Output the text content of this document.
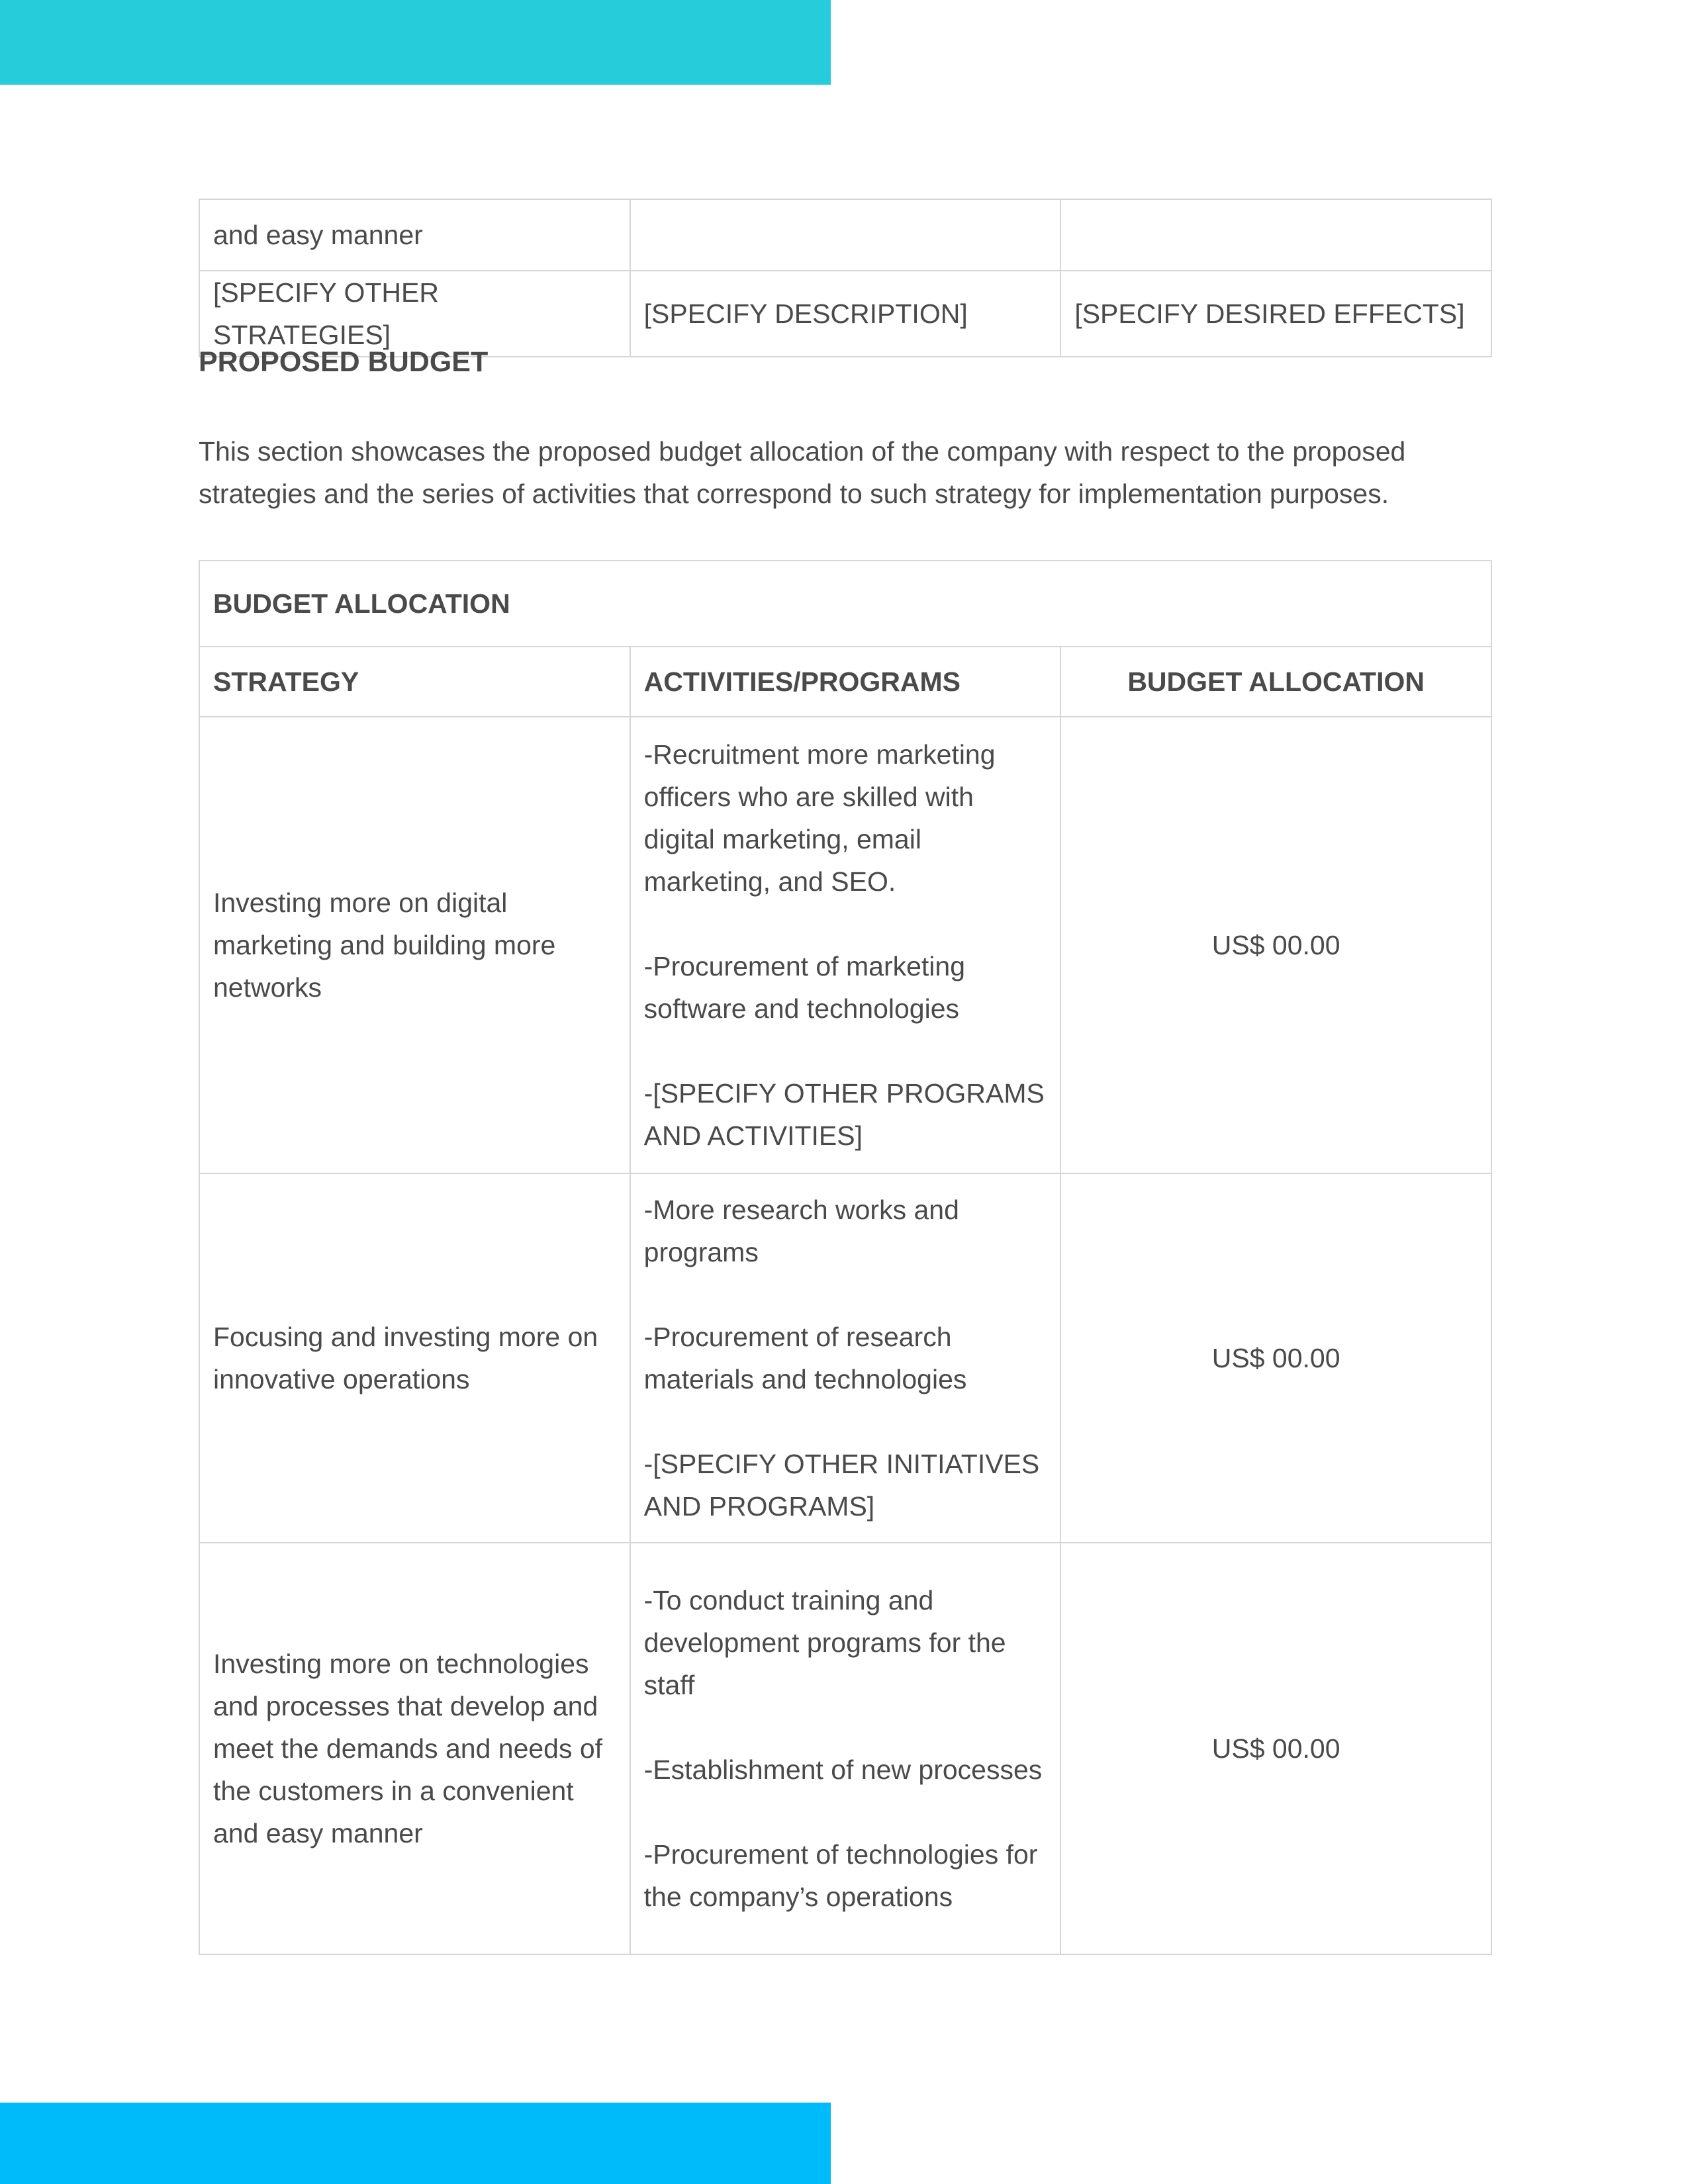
and easy manner		
[SPECIFY OTHER STRATEGIES]	[SPECIFY DESCRIPTION]	[SPECIFY DESIRED EFFECTS]
PROPOSED BUDGET

This section showcases the proposed budget allocation of the company with respect to the proposed strategies and the series of activities that correspond to such strategy for implementation purposes.

BUDGET ALLOCATION		
STRATEGY	ACTIVITIES/PROGRAMS	BUDGET ALLOCATION
Investing more on digital marketing and building more networks	-Recruitment more marketing officers who are skilled with digital marketing, email marketing, and SEO.

-Procurement of marketing software and technologies

-[SPECIFY OTHER PROGRAMS AND ACTIVITIES]	US$ 00.00
Focusing and investing more on innovative operations	-More research works and programs

-Procurement of research materials and technologies

-[SPECIFY OTHER INITIATIVES AND PROGRAMS]	US$ 00.00
Investing more on technologies and processes that develop and meet the demands and needs of the customers in a convenient and easy manner	-To conduct training and development programs for the staff

-Establishment of new processes

-Procurement of technologies for the company’s operations	US$ 00.00
